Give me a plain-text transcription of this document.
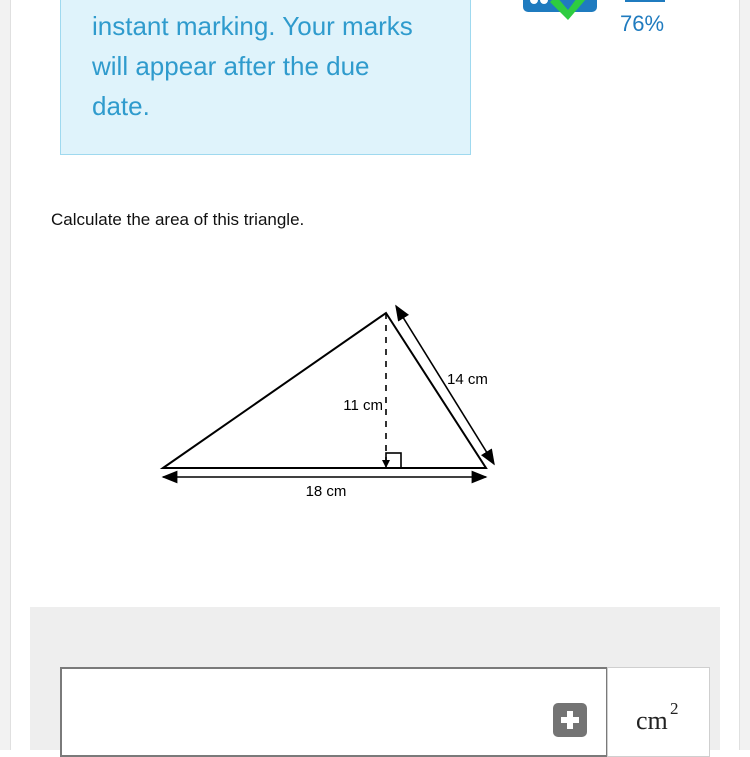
instant marking. Your marks

will appear after the due

date.

76%
Calculate the area of this triangle.
18 cm
11 cm
14 cm
cm 2
